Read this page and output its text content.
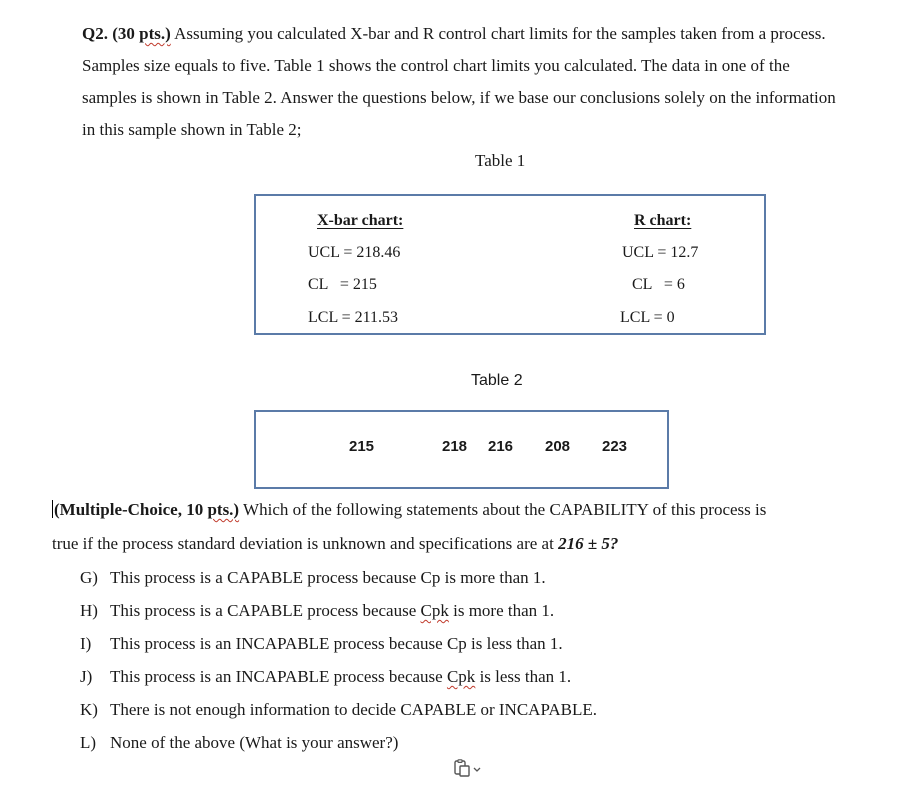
Q2. (30 pts.) Assuming you calculated X-bar and R control chart limits for the samples taken from a process.
Samples size equals to five. Table 1 shows the control chart limits you calculated. The data in one of the
samples is shown in Table 2. Answer the questions below, if we base our conclusions solely on the information
in this sample shown in Table 2;
Table 1
X-bar chart:
UCL = 218.46
CL   = 215
LCL = 211.53
R chart:
UCL = 12.7
CL   = 6
LCL = 0
Table 2
215	218 216 208 223
(Multiple-Choice, 10 pts.) Which of the following statements about the CAPABILITY of this process is
true if the process standard deviation is unknown and specifications are at 216 ± 5?
G) This process is a CAPABLE process because Cp is more than 1.
H) This process is a CAPABLE process because Cpk is more than 1.
I) This process is an INCAPABLE process because Cp is less than 1.
J) This process is an INCAPABLE process because Cpk is less than 1.
K) There is not enough information to decide CAPABLE or INCAPABLE.
L) None of the above (What is your answer?)
